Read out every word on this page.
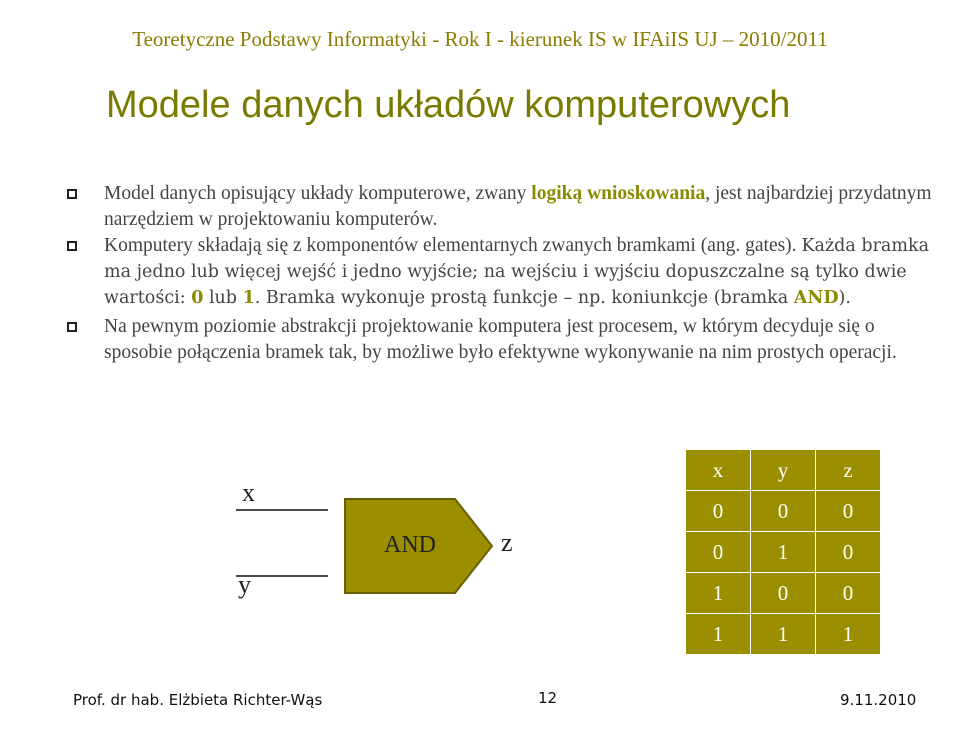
Teoretyczne Podstawy Informatyki - Rok I - kierunek IS w IFAiIS UJ – 2010/2011
Modele danych układów komputerowych
Model danych opisujący układy komputerowe, zwany logiką wnioskowania, jest najbardziej przydatnym narzędziem w projektowaniu komputerów.
Komputery składają się z komponentów elementarnych zwanych bramkami (ang. gates). Każda bramka ma jedno lub więcej wejść i jedno wyjście; na wejściu i wyjściu dopuszczalne są tylko dwie wartości: 0 lub 1. Bramka wykonuje prostą funkcje – np. koniunkcje (bramka AND).
Na pewnym poziomie abstrakcji projektowanie komputera jest procesem, w którym decyduje się o sposobie połączenia bramek tak, by możliwe było efektywne wykonywanie na nim prostych operacji.
x
y
AND	z
x	y	z
0	0	0
0	1	0
1	0	0
1	1	1
Prof. dr hab. Elżbieta Richter-Wąs	12	9.11.2010
